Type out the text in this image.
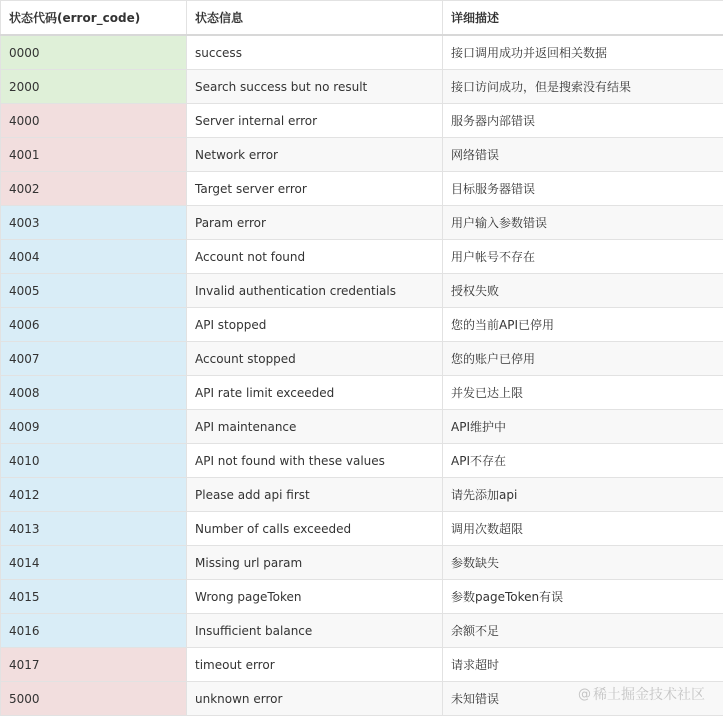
状态代码(error_code)	状态信息	详细描述
0000	success	接口调用成功并返回相关数据
2000	Search success but no result	接口访问成功，但是搜索没有结果
4000	Server internal error	服务器内部错误
4001	Network error	网络错误
4002	Target server error	目标服务器错误
4003	Param error	用户输入参数错误
4004	Account not found	用户帐号不存在
4005	Invalid authentication credentials	授权失败
4006	API stopped	您的当前API已停用
4007	Account stopped	您的账户已停用
4008	API rate limit exceeded	并发已达上限
4009	API maintenance	API维护中
4010	API not found with these values	API不存在
4012	Please add api first	请先添加api
4013	Number of calls exceeded	调用次数超限
4014	Missing url param	参数缺失
4015	Wrong pageToken	参数pageToken有误
4016	Insufficient balance	余额不足
4017	timeout error	请求超时
5000	unknown error	未知错误	@ 稀土掘金技术社区
